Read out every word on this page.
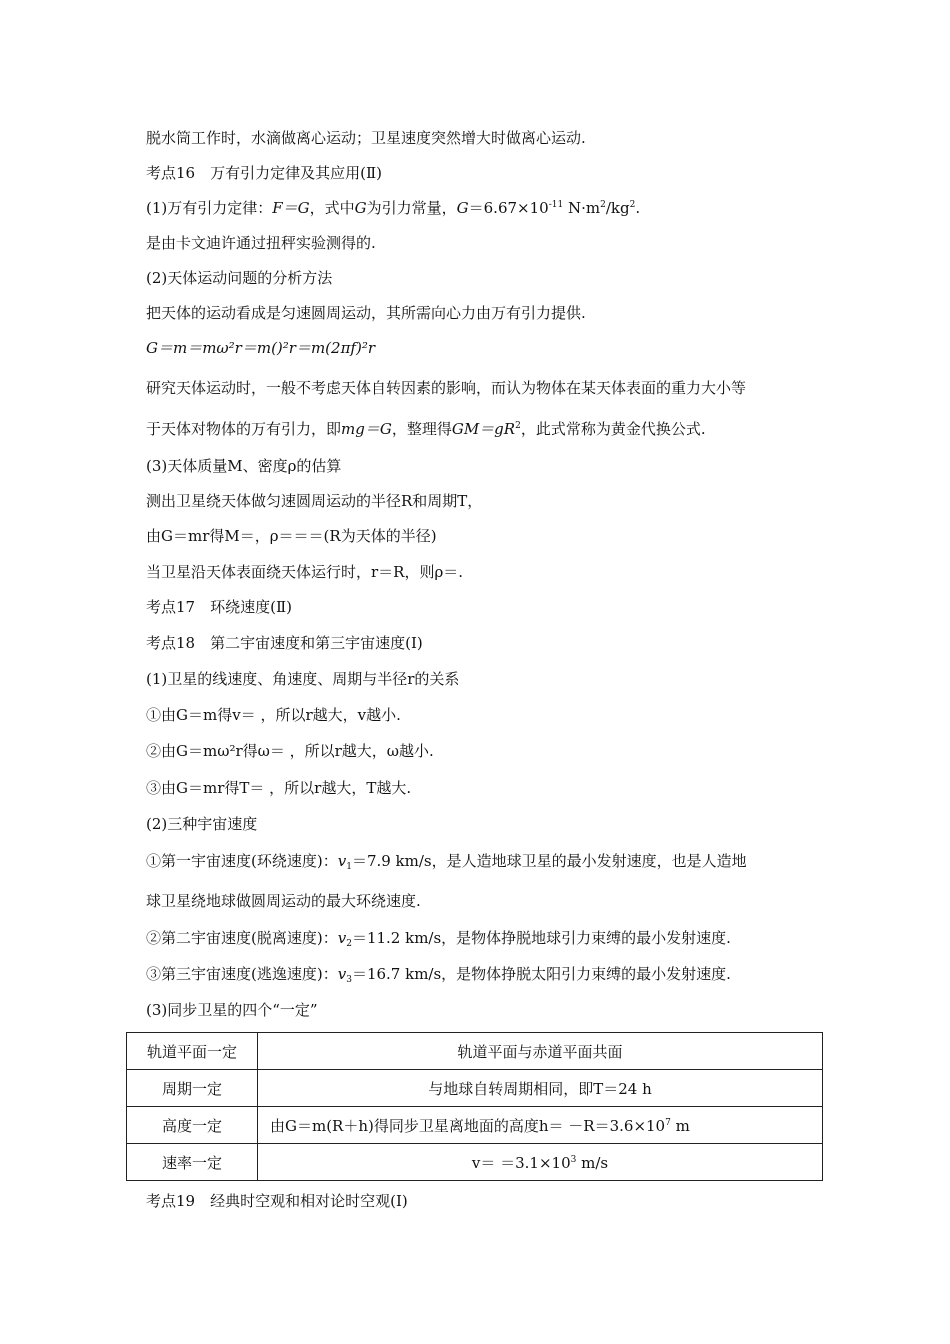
脱水筒工作时，水滴做离心运动；卫星速度突然增大时做离心运动.
考点16　万有引力定律及其应用(Ⅱ)
(1)万有引力定律：F＝G，式中G为引力常量，$G=6.67\times 10^{-11}$ $N\cdot m^2/kg^2$.
是由卡文迪许通过扭秤实验测得的.
(2)天体运动问题的分析方法
把天体的运动看成是匀速圆周运动，其所需向心力由万有引力提供.
G＝m＝mω²r＝m()²r＝m(2πf)²r
研究天体运动时，一般不考虑天体自转因素的影响，而认为物体在某天体表面的重力大小等
于天体对物体的万有引力，即mg＝G，整理得$GM=gR^2$，此式常称为黄金代换公式.
(3)天体质量M、密度ρ的估算
测出卫星绕天体做匀速圆周运动的半径R和周期T，
由G＝mr得M＝，ρ＝＝＝(R为天体的半径)
当卫星沿天体表面绕天体运行时，r＝R，则ρ＝.
考点17　环绕速度(Ⅱ)
考点18　第二宇宙速度和第三宇宙速度(Ⅰ)
(1)卫星的线速度、角速度、周期与半径r的关系
①由G＝m得v＝ ，所以r越大，v越小.
②由G＝mω²r得ω＝ ，所以r越大，ω越小.
③由G＝mr得T＝ ，所以r越大，T越大.
(2)三种宇宙速度
①第一宇宙速度(环绕速度)：$v_1=7.9$ km/s，是人造地球卫星的最小发射速度，也是人造地
球卫星绕地球做圆周运动的最大环绕速度.
②第二宇宙速度(脱离速度)：$v_2=11.2$ km/s，是物体挣脱地球引力束缚的最小发射速度.
③第三宇宙速度(逃逸速度)：$v_3=16.7$ km/s，是物体挣脱太阳引力束缚的最小发射速度.
(3)同步卫星的四个“一定”
轨道平面一定	轨道平面与赤道平面共面
周期一定	与地球自转周期相同，即T＝24 h
高度一定	由G＝m(R＋h)得同步卫星离地面的高度$h= -R=3.6\times 10^7$ m
速率一定	$v= =3.1\times 10^3$ m/s
考点19　经典时空观和相对论时空观(Ⅰ)
